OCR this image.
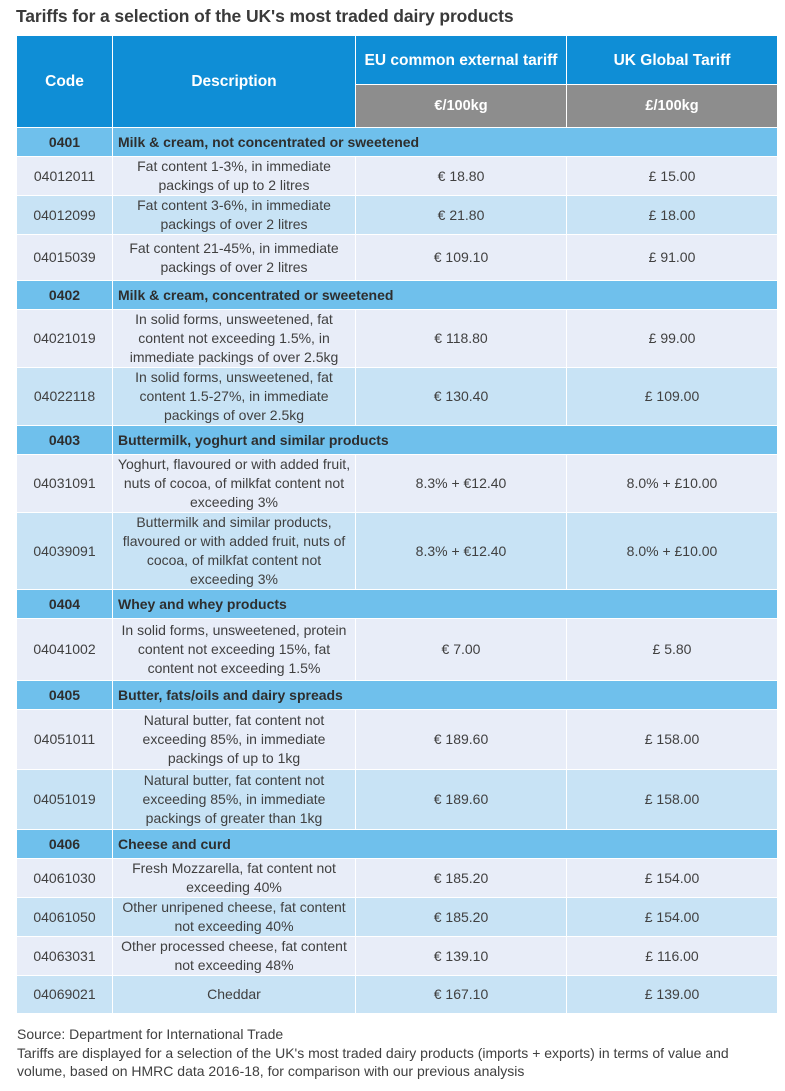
Tariffs for a selection of the UK's most traded dairy products
Code	Description	EU common external tariff	UK Global Tariff
		€/100kg	£/100kg
0401	Milk & cream, not concentrated or sweetened		
04012011	Fat content 1-3%, in immediate packings of up to 2 litres	€ 18.80	£ 15.00
04012099	Fat content 3-6%, in immediate packings of over 2 litres	€ 21.80	£ 18.00
04015039	Fat content 21-45%, in immediate packings of over 2 litres	€ 109.10	£ 91.00
0402	Milk & cream, concentrated or sweetened		
04021019	In solid forms, unsweetened, fat content not exceeding 1.5%, in immediate packings of over 2.5kg	€ 118.80	£ 99.00
04022118	In solid forms, unsweetened, fat content 1.5-27%, in immediate packings of over 2.5kg	€ 130.40	£ 109.00
0403	Buttermilk, yoghurt and similar products		
04031091	Yoghurt, flavoured or with added fruit, nuts of cocoa, of milkfat content not exceeding 3%	8.3% + €12.40	8.0% + £10.00
04039091	Buttermilk and similar products, flavoured or with added fruit, nuts of cocoa, of milkfat content not exceeding 3%	8.3% + €12.40	8.0% + £10.00
0404	Whey and whey products		
04041002	In solid forms, unsweetened, protein content not exceeding 15%, fat content not exceeding 1.5%	€ 7.00	£ 5.80
0405	Butter, fats/oils and dairy spreads		
04051011	Natural butter, fat content not exceeding 85%, in immediate packings of up to 1kg	€ 189.60	£ 158.00
04051019	Natural butter, fat content not exceeding 85%, in immediate packings of greater than 1kg	€ 189.60	£ 158.00
0406	Cheese and curd		
04061030	Fresh Mozzarella, fat content not exceeding 40%	€ 185.20	£ 154.00
04061050	Other unripened cheese, fat content not exceeding 40%	€ 185.20	£ 154.00
04063031	Other processed cheese, fat content not exceeding 48%	€ 139.10	£ 116.00
04069021	Cheddar	€ 167.10	£ 139.00
Source: Department for International Trade
Tariffs are displayed for a selection of the UK's most traded dairy products (imports + exports) in terms of value and volume, based on HMRC data 2016-18, for comparison with our previous analysis
